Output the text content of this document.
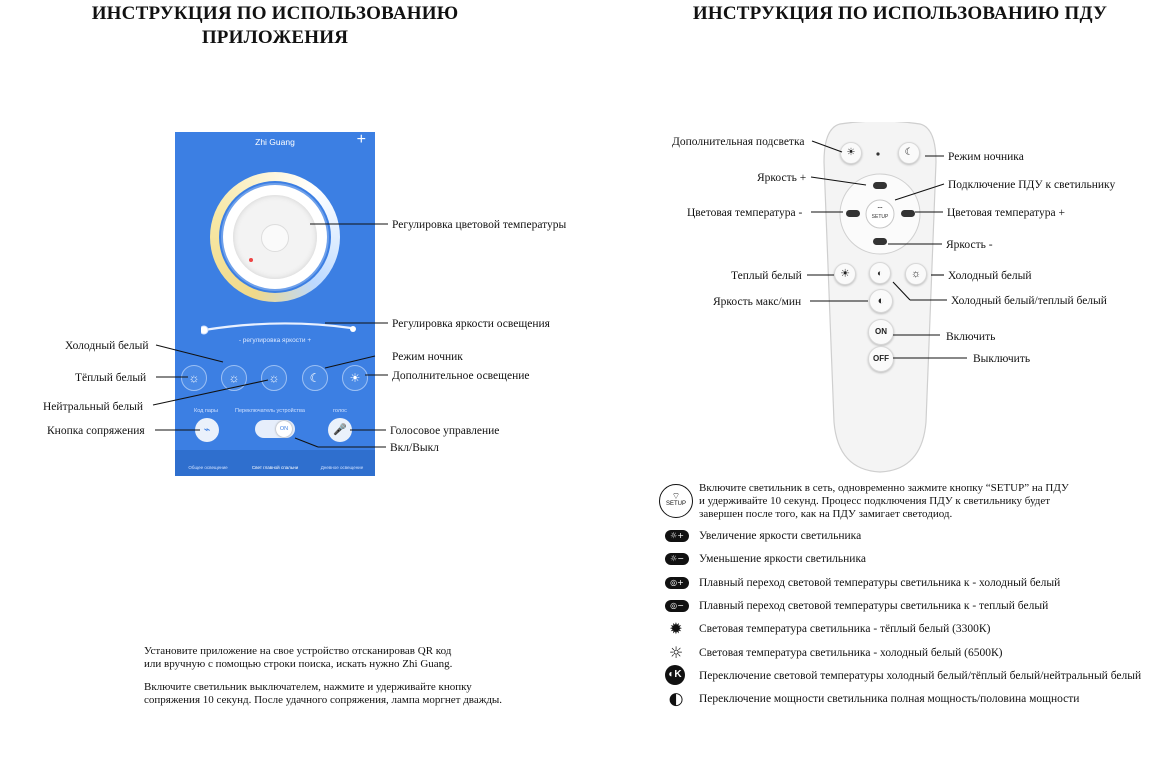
ИНСТРУКЦИЯ ПО ИСПОЛЬЗОВАНИЮ
ПРИЛОЖЕНИЯ
ИНСТРУКЦИЯ ПО ИСПОЛЬЗОВАНИЮ ПДУ
Zhi Guang	+
- регулировка яркости +
☼	☼	☼	☾	☀
Код пары	Переключатель устройства	голос
⌁	ON	🎤
Общее освещение	Свет главной спальни	Дневное освещение
☀	☾
⌔
SETUP
☀	◐	☼
◐
ON
OFF
Регулировка цветовой температуры
Регулировка яркости освещения
Холодный белый
Режим ночник
Тёплый белый	Дополнительное освещение
Нейтральный белый
Кнопка сопряжения	Голосовое управление
Вкл/Выкл
Установите приложение на свое устройство отсканировав QR код
или вручную с помощью строки поиска, искать нужно Zhi Guang.
Включите светильник выключателем, нажмите и удерживайте кнопку
сопряжения 10 секунд. После удачного сопряжения, лампа моргнет дважды.
Дополнительная подсветка
Режим ночника
Яркость +
Подключение ПДУ к светильнику
Цветовая температура -	Цветовая температура +
Яркость -
Теплый белый	Холодный белый
Яркость макс/мин	Холодный белый/теплый белый
Включить
Выключить
⌔
SETUP
Включите светильник в сеть, одновременно зажмите кнопку “SETUP” на ПДУ
и удерживайте 10 секунд. Процесс подключения ПДУ к светильнику будет
завершен после того, как на ПДУ замигает светодиод.
☼+	Увеличение яркости светильника
☼−	Уменьшение яркости светильника
◎+	Плавный переход световой температуры светильника к - холодный белый
◎−	Плавный переход световой температуры светильника к - теплый белый
✹	Световая температура светильника - тёплый белый (3300К)
☼	Световая температура светильника - холодный белый (6500К)
◐K Переключение световой температуры холодный белый/тёплый белый/нейтральный белый
◐	Переключение мощности светильника полная мощность/половина мощности
